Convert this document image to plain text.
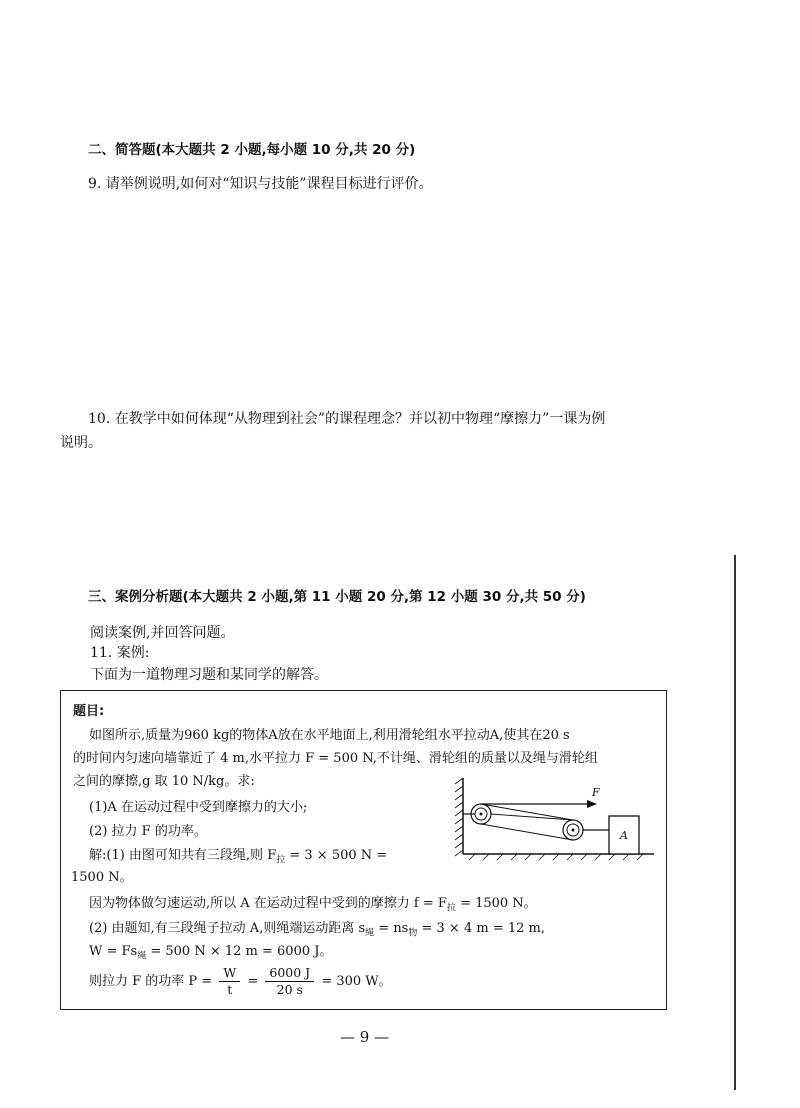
二、简答题(本大题共 2 小题,每小题 10 分,共 20 分)
9. 请举例说明,如何对“知识与技能”课程目标进行评价。
10. 在教学中如何体现“从物理到社会”的课程理念？并以初中物理“摩擦力”一课为例
说明。
三、案例分析题(本大题共 2 小题,第 11 小题 20 分,第 12 小题 30 分,共 50 分)
阅读案例,并回答问题。
11. 案例:
下面为一道物理习题和某同学的解答。
题目:
如图所示,质量为960 kg的物体A放在水平地面上,利用滑轮组水平拉动A,使其在20 s
的时间内匀速向墙靠近了 4 m,水平拉力 F = 500 N,不计绳、滑轮组的质量以及绳与滑轮组
之间的摩擦,g 取 10 N/kg。求:
(1)A 在运动过程中受到摩擦力的大小;
(2) 拉力 F 的功率。
解:(1) 由图可知共有三段绳,则 $F_拉 = 3 \times 500$ N =
1500 N。
因为物体做匀速运动,所以 A 在运动过程中受到的摩擦力 $f = F_拉 = 1500$ N。
(2) 由题知,有三段绳子拉动 A,则绳端运动距离 $s_绳 = ns_物 = 3 \times 4$ m = 12 m,
$W = Fs_绳 = 500$ N × 12 m = 6000 J。
则拉力 F 的功率 $P = \frac{W}{t} = \frac{6000 J}{20 s} = 300$ W。
F
A
— 9 —
